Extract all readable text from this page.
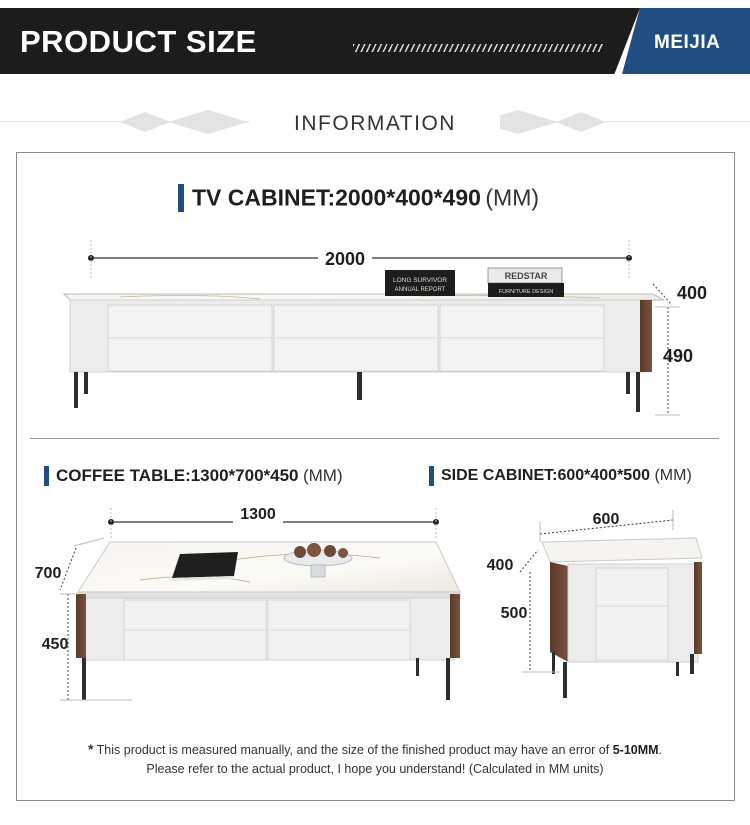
PRODUCT SIZE	MEIJIA
INFORMATION
TV CABINET:2000*400*490 (MM)
2000
LONG SURVIVOR
ANNUAL REPORT
REDSTAR
FURNITURE DESIGN	400
490
COFFEE TABLE:1300*700*450 (MM)	SIDE CABINET:600*400*500 (MM)
1300
700
450
600
400
500
* This product is measured manually, and the size of the finished product may have an error of 5-10MM.
Please refer to the actual product, I hope you understand! (Calculated in MM units)
